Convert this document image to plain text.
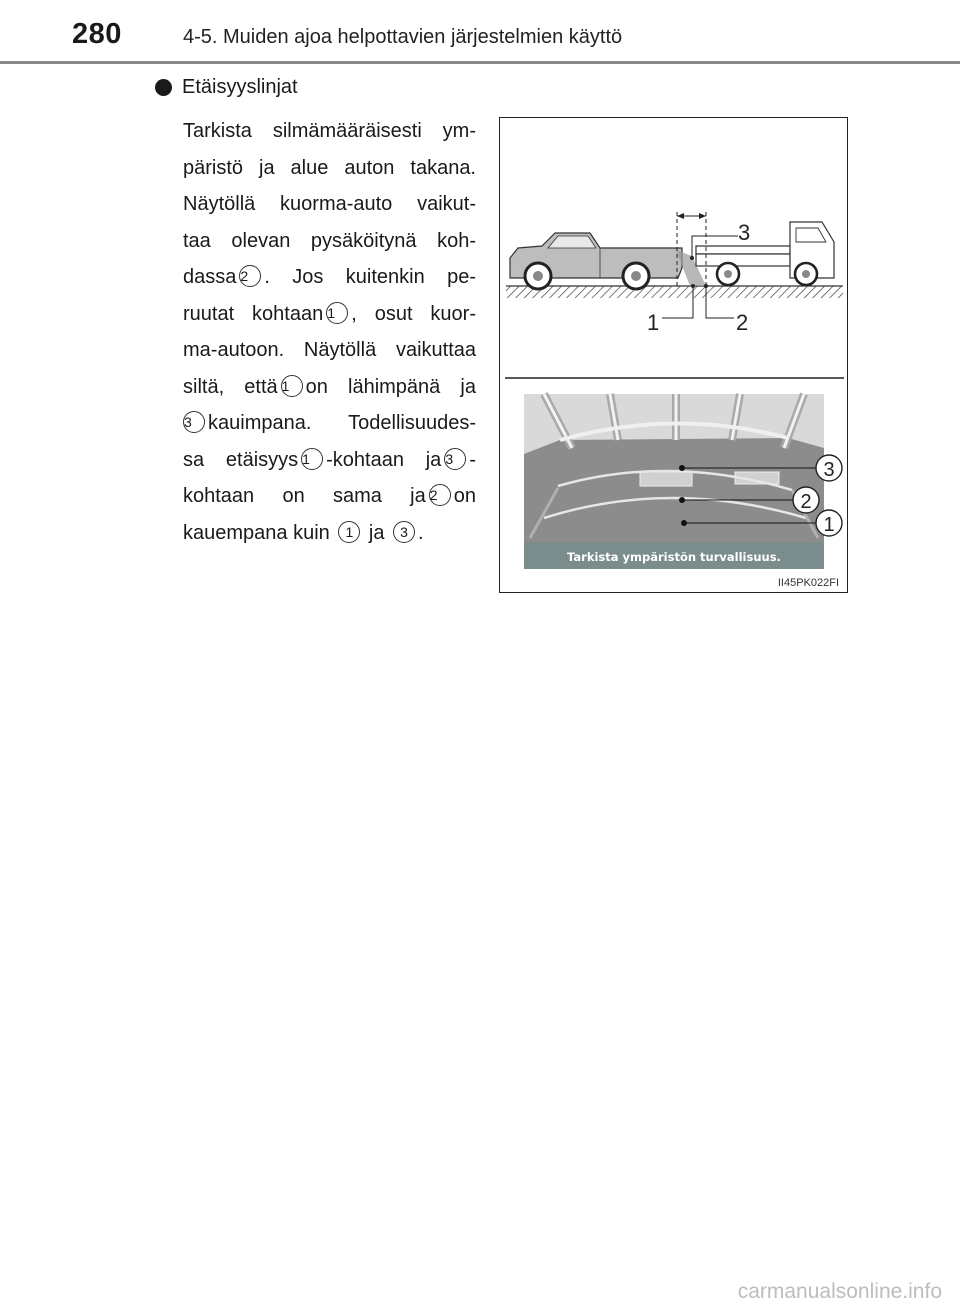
280	4-5. Muiden ajoa helpottavien järjestelmien käyttö
Etäisyyslinjat
Tarkista silmämääräisesti ym-
päristö ja alue auton takana.
Näytöllä kuorma-auto vaikut-
taa olevan pysäköitynä koh-
dassa 2 . Jos kuitenkin pe-
ruutat kohtaan 1 , osut kuor-
ma-autoon. Näytöllä vaikuttaa
siltä, että 1 on lähimpänä ja
3 kauimpana. Todellisuudes-
sa etäisyys 1 -kohtaan ja 3 -
kohtaan on sama ja 2 on
kauempana kuin 1 ja 3 .
3
1	2
Tarkista ympäristön turvallisuus.
3
2
1
II45PK022FI
carmanualsonline.info
